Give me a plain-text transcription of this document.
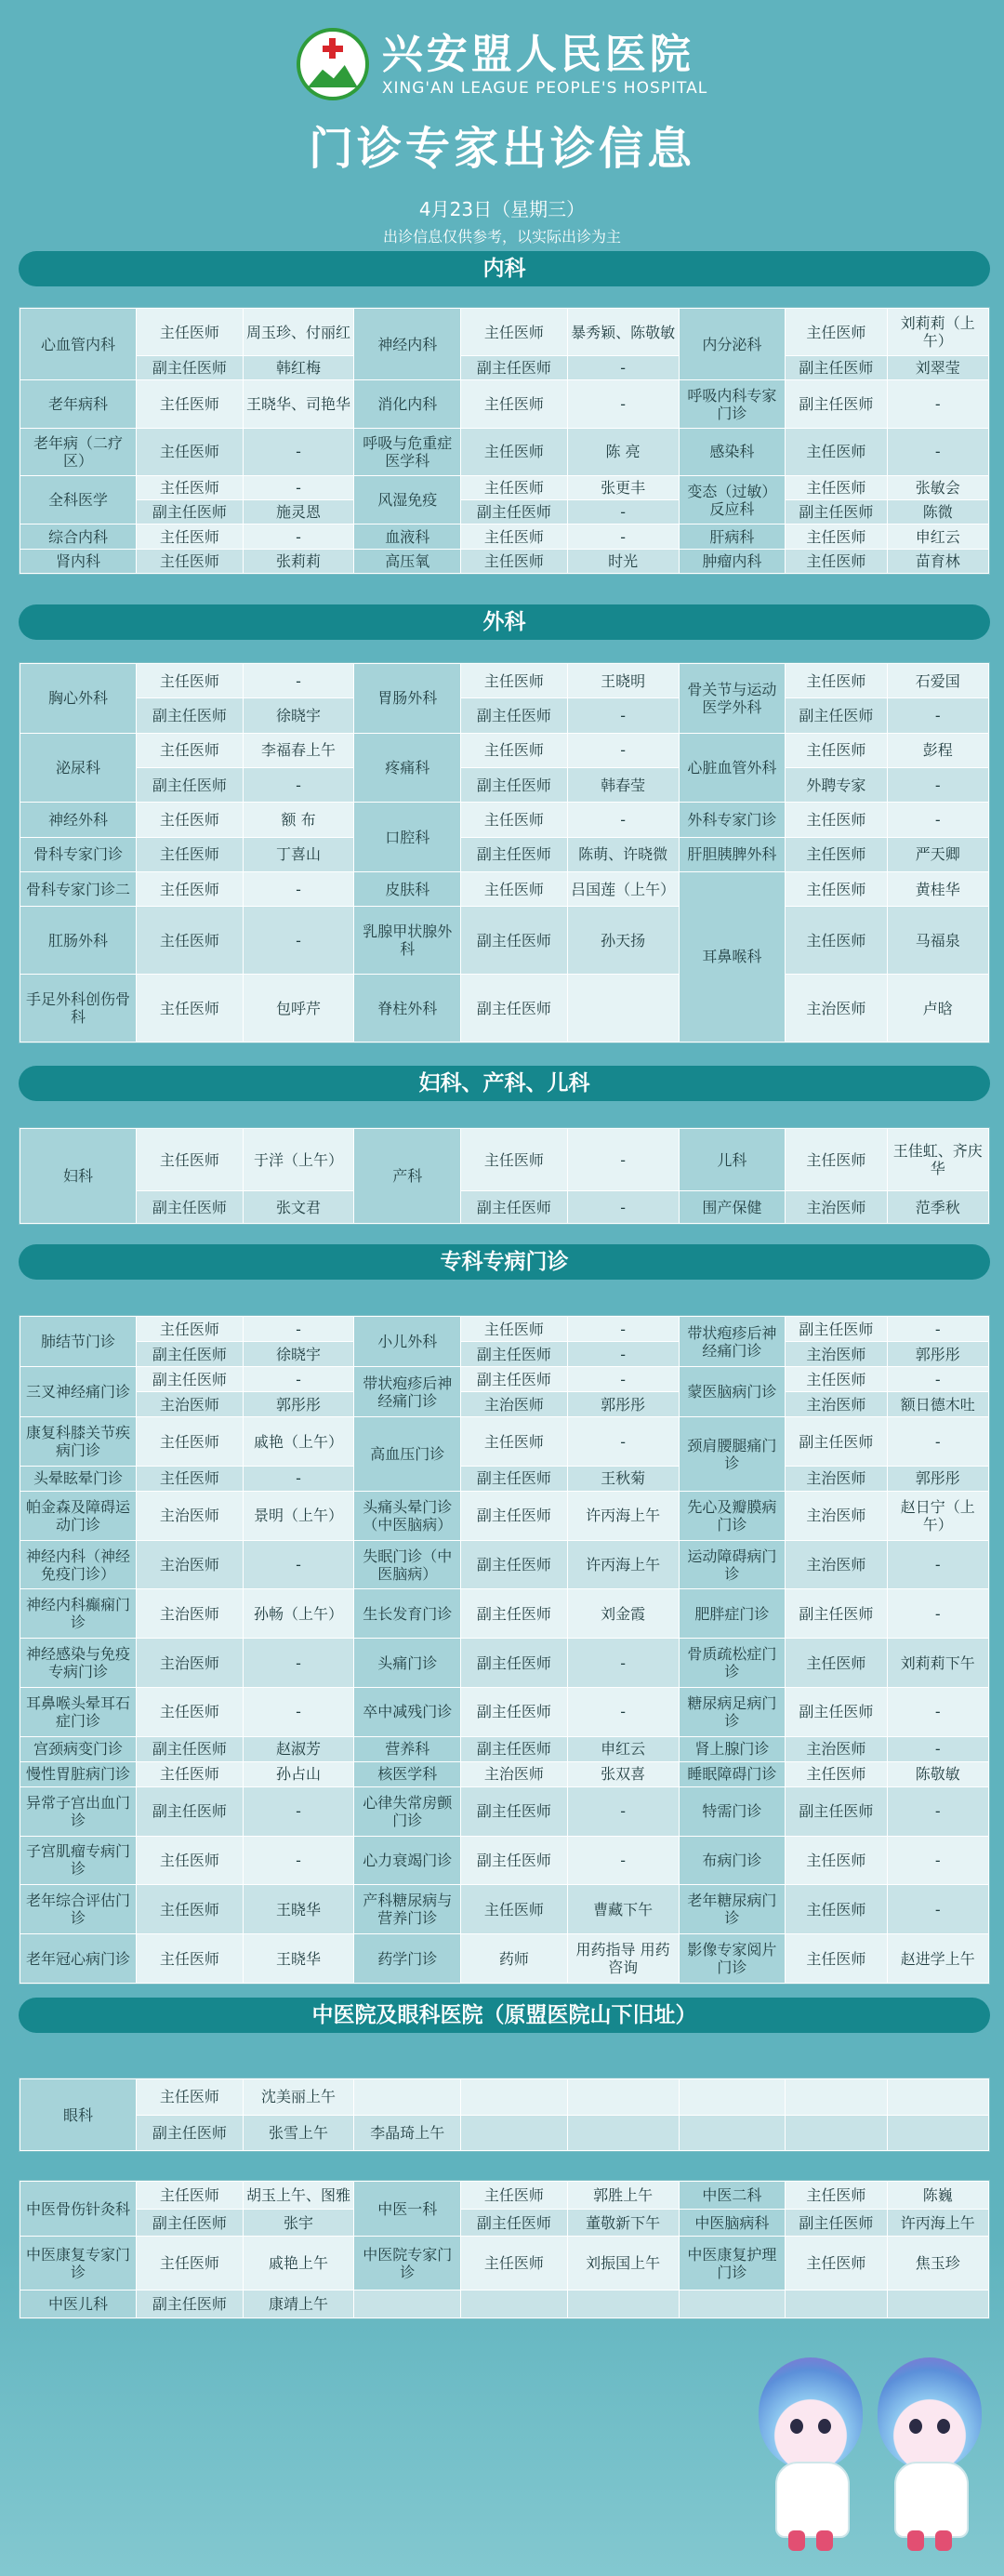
兴安盟人民医院
XING'AN LEAGUE PEOPLE'S HOSPITAL
门诊专家出诊信息
4月23日（星期三）
出诊信息仅供参考，以实际出诊为主
内科
心血管内科	主任医师	周玉珍、付丽红	神经内科	主任医师	暴秀颖、陈敬敏	内分泌科	主任医师	刘莉莉（上午）
	副主任医师	韩红梅		副主任医师	-		副主任医师	刘翠莹
老年病科	主任医师	王晓华、司艳华	消化内科	主任医师	-	呼吸内科专家门诊	副主任医师	-
老年病（二疗区）	主任医师	-	呼吸与危重症医学科	主任医师	陈 亮	感染科	主任医师	-
全科医学	主任医师	-	风湿免疫	主任医师	张更丰	变态（过敏）反应科	主任医师	张敏会
	副主任医师	施灵恩		副主任医师	-		副主任医师	陈微
综合内科	主任医师	-	血液科	主任医师	-	肝病科	主任医师	申红云
肾内科	主任医师	张莉莉	高压氧	主任医师	时光	肿瘤内科	主任医师	苗育林
外科
胸心外科	主任医师	-	胃肠外科	主任医师	王晓明	骨关节与运动医学外科	主任医师	石爱国
	副主任医师	徐晓宇		副主任医师	-		副主任医师	-
泌尿科	主任医师	李福春上午	疼痛科	主任医师	-	心脏血管外科	主任医师	彭程
	副主任医师	-		副主任医师	韩春莹		外聘专家	-
神经外科	主任医师	额 布	口腔科	主任医师	-	外科专家门诊	主任医师	-
骨科专家门诊	主任医师	丁喜山		副主任医师	陈萌、许晓微	肝胆胰脾外科	主任医师	严天卿
骨科专家门诊二	主任医师	-	皮肤科	主任医师	吕国莲（上午）	耳鼻喉科	主任医师	黄桂华
肛肠外科	主任医师	-	乳腺甲状腺外科	副主任医师	孙天扬		主任医师	马福泉
手足外科创伤骨科	主任医师	包呼芹	脊柱外科	副主任医师			主治医师	卢晗
妇科、产科、儿科
妇科	主任医师	于洋（上午）	产科	主任医师	-	儿科	主任医师	王佳虹、齐庆华
	副主任医师	张文君		副主任医师	-	围产保健	主治医师	范季秋
专科专病门诊
肺结节门诊	主任医师	-	小儿外科	主任医师	-	带状疱疹后神经痛门诊	副主任医师	-
	副主任医师	徐晓宇		副主任医师	-		主治医师	郭彤彤
三叉神经痛门诊	副主任医师	-	带状疱疹后神经痛门诊	副主任医师	-	蒙医脑病门诊	主任医师	-
	主治医师	郭彤彤		主治医师	郭彤彤		主治医师	额日德木吐
康复科膝关节疾病门诊	主任医师	戚艳（上午）	高血压门诊	主任医师	-	颈肩腰腿痛门诊	副主任医师	-
头晕眩晕门诊	主任医师	-		副主任医师	王秋菊		主治医师	郭彤彤
帕金森及障碍运动门诊	主治医师	景明（上午）	头痛头晕门诊（中医脑病）	副主任医师	许丙海上午	先心及瓣膜病门诊	主治医师	赵日宁（上午）
神经内科（神经免疫门诊）	主治医师	-	失眠门诊（中医脑病）	副主任医师	许丙海上午	运动障碍病门诊	主治医师	-
神经内科癫痫门诊	主治医师	孙畅（上午）	生长发育门诊	副主任医师	刘金霞	肥胖症门诊	副主任医师	-
神经感染与免疫专病门诊	主治医师	-	头痛门诊	副主任医师	-	骨质疏松症门诊	主任医师	刘莉莉下午
耳鼻喉头晕耳石症门诊	主任医师	-	卒中减残门诊	副主任医师	-	糖尿病足病门诊	副主任医师	-
宫颈病变门诊	副主任医师	赵淑芳	营养科	副主任医师	申红云	肾上腺门诊	主治医师	-
慢性胃脏病门诊	主任医师	孙占山	核医学科	主治医师	张双喜	睡眠障碍门诊	主任医师	陈敬敏
异常子宫出血门诊	副主任医师	-	心律失常房颤门诊	副主任医师	-	特需门诊	副主任医师	-
子宫肌瘤专病门诊	主任医师	-	心力衰竭门诊	副主任医师	-	布病门诊	主任医师	-
老年综合评估门诊	主任医师	王晓华	产科糖尿病与营养门诊	主任医师	曹藏下午	老年糖尿病门诊	主任医师	-
老年冠心病门诊	主任医师	王晓华	药学门诊	药师	用药指导 用药咨询	影像专家阅片门诊	主任医师	赵进学上午
中医院及眼科医院（原盟医院山下旧址）
眼科	主任医师	沈美丽上午						
	副主任医师	张雪上午	李晶琦上午					
中医骨伤针灸科	主任医师	胡玉上午、图雅	中医一科	主任医师	郭胜上午	中医二科	主任医师	陈巍
	副主任医师	张宇		副主任医师	董敬新下午	中医脑病科	副主任医师	许丙海上午
中医康复专家门诊	主任医师	戚艳上午	中医院专家门诊	主任医师	刘振国上午	中医康复护理门诊	主任医师	焦玉珍
中医儿科	副主任医师	康靖上午						
